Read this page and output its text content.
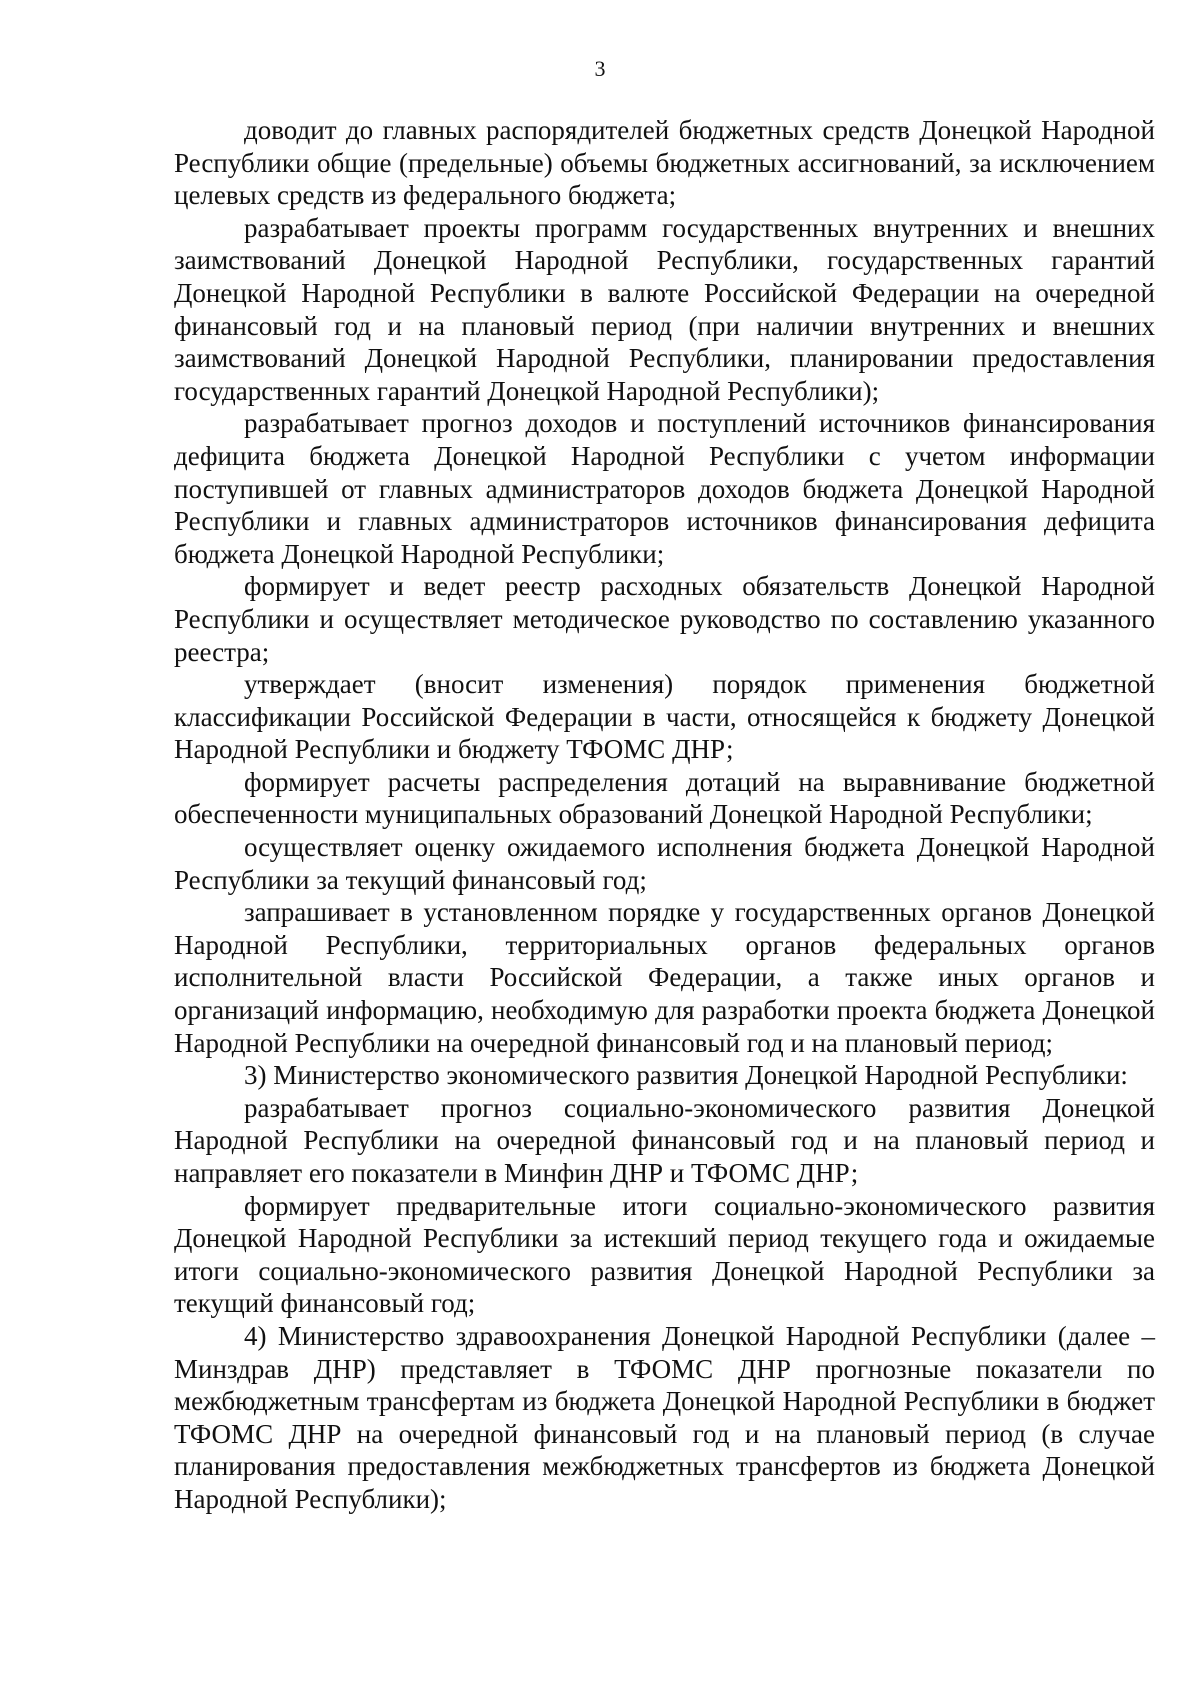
3

доводит до главных распорядителей бюджетных средств Донецкой Народной Республики общие (предельные) объемы бюджетных ассигнований, за исключением целевых средств из федерального бюджета;

разрабатывает проекты программ государственных внутренних и внешних заимствований Донецкой Народной Республики, государственных гарантий Донецкой Народной Республики в валюте Российской Федерации на очередной финансовый год и на плановый период (при наличии внутренних и внешних заимствований Донецкой Народной Республики, планировании предоставления государственных гарантий Донецкой Народной Республики);

разрабатывает прогноз доходов и поступлений источников финансирования дефицита бюджета Донецкой Народной Республики с учетом информации поступившей от главных администраторов доходов бюджета Донецкой Народной Республики и главных администраторов источников финансирования дефицита бюджета Донецкой Народной Республики;

формирует и ведет реестр расходных обязательств Донецкой Народной Республики и осуществляет методическое руководство по составлению указанного реестра;

утверждает (вносит изменения) порядок применения бюджетной классификации Российской Федерации в части, относящейся к бюджету Донецкой Народной Республики и бюджету ТФОМС ДНР;

формирует расчеты распределения дотаций на выравнивание бюджетной обеспеченности муниципальных образований Донецкой Народной Республики;

осуществляет оценку ожидаемого исполнения бюджета Донецкой Народной Республики за текущий финансовый год;

запрашивает в установленном порядке у государственных органов Донецкой Народной Республики, территориальных органов федеральных органов исполнительной власти Российской Федерации, а также иных органов и организаций информацию, необходимую для разработки проекта бюджета Донецкой Народной Республики на очередной финансовый год и на плановый период;

3) Министерство экономического развития Донецкой Народной Республики:

разрабатывает прогноз социально-экономического развития Донецкой Народной Республики на очередной финансовый год и на плановый период и направляет его показатели в Минфин ДНР и ТФОМС ДНР;

формирует предварительные итоги социально-экономического развития Донецкой Народной Республики за истекший период текущего года и ожидаемые итоги социально-экономического развития Донецкой Народной Республики за текущий финансовый год;

4) Министерство здравоохранения Донецкой Народной Республики (далее – Минздрав ДНР) представляет в ТФОМС ДНР прогнозные показатели по межбюджетным трансфертам из бюджета Донецкой Народной Республики в бюджет ТФОМС ДНР на очередной финансовый год и на плановый период (в случае планирования предоставления межбюджетных трансфертов из бюджета Донецкой Народной Республики);
